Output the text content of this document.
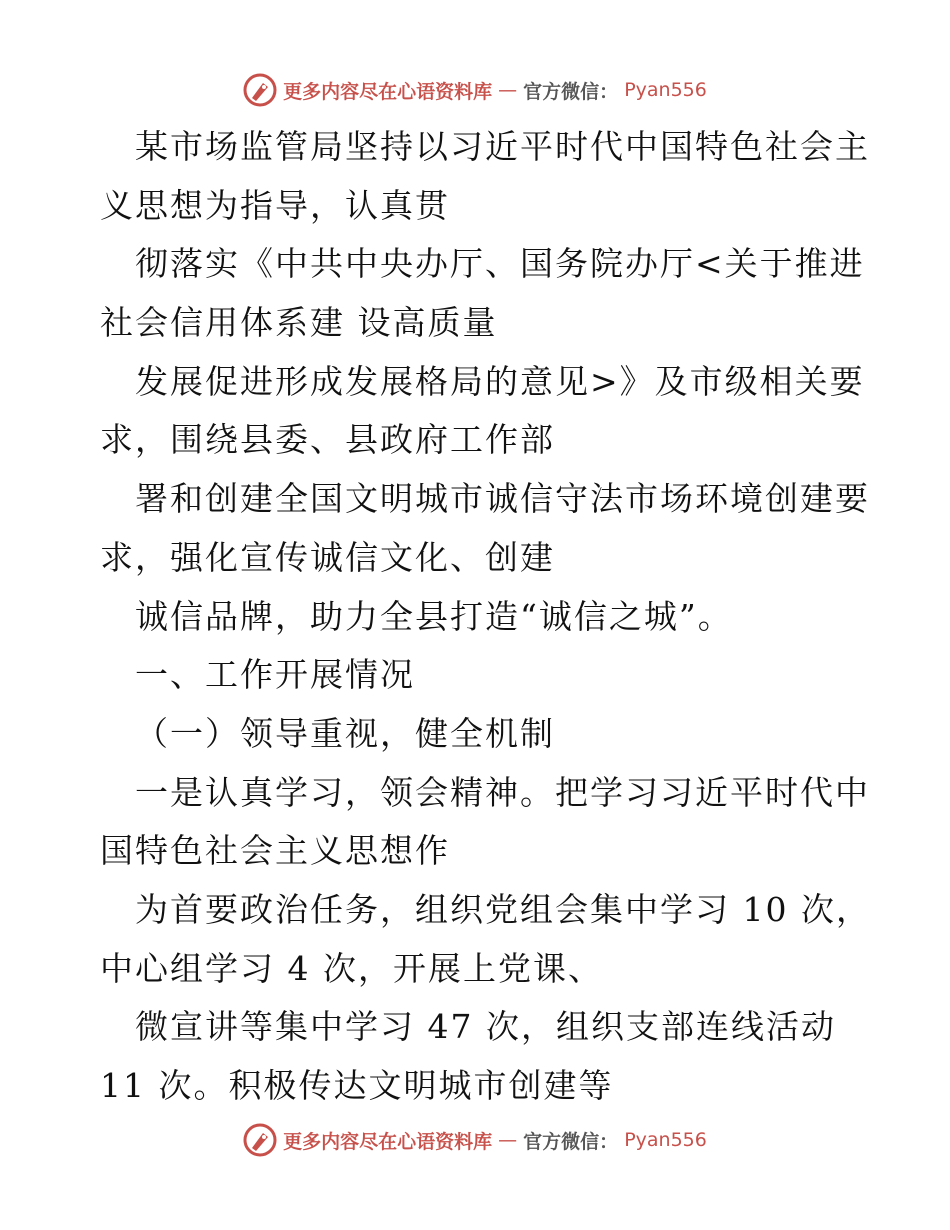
更多内容尽在心语资料库 — 官方微信： Pyan556
某市场监管局坚持以习近平时代中国特色社会主
义思想为指导，认真贯
彻落实《中共中央办厅、国务院办厅<关于推进
社会信用体系建 设高质量
发展促进形成发展格局的意见>》及市级相关要
求，围绕县委、县政府工作部
署和创建全国文明城市诚信守法市场环境创建要
求，强化宣传诚信文化、创建
诚信品牌，助力全县打造“诚信之城”。
一、工作开展情况
（一）领导重视，健全机制
一是认真学习，领会精神。把学习习近平时代中
国特色社会主义思想作
为首要政治任务，组织党组会集中学习 10 次，
中心组学习 4 次，开展上党课、
微宣讲等集中学习 47 次，组织支部连线活动
11 次。积极传达文明城市创建等
更多内容尽在心语资料库 — 官方微信： Pyan556
